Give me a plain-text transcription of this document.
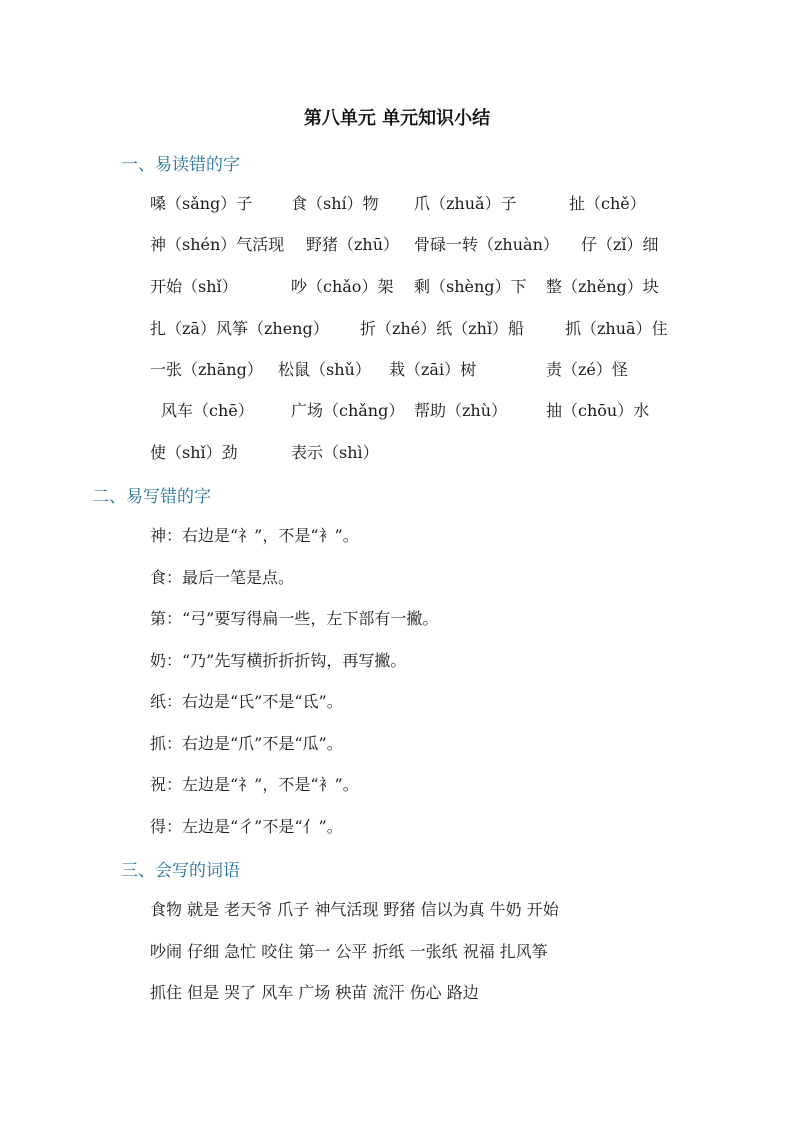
第八单元 单元知识小结
一、易读错的字
嗓（sǎng）子 食（shí）物 爪（zhuǎ）子	扯（chě）
神（shén）气活现 野猪（zhū） 骨碌一转（zhuàn） 仔（zǐ）细
开始（shǐ）	吵（chǎo）架 剩（shèng）下 整（zhěng）块
扎（zā）风筝（zheng） 折（zhé）纸（zhǐ）船	抓（zhuā）住
一张（zhāng） 松鼠（shǔ） 栽（zāi）树	责（zé）怪
风车（chē） 广场（chǎng） 帮助（zhù） 抽（chōu）水
使（shǐ）劲	表示（shì）
二、易写错的字
神：右边是“礻”，不是“衤”。
食：最后一笔是点。
第：“弓”要写得扁一些，左下部有一撇。
奶：“乃”先写横折折折钩，再写撇。
纸：右边是“氏”不是“氐”。
抓：右边是“爪”不是“瓜”。
祝：左边是“礻”，不是“衤”。
得：左边是“彳”不是“亻”。
三、会写的词语
食物 就是 老天爷 爪子 神气活现 野猪 信以为真 牛奶 开始
吵闹 仔细 急忙 咬住 第一 公平 折纸 一张纸 祝福 扎风筝
抓住 但是 哭了 风车 广场 秧苗 流汗 伤心 路边
